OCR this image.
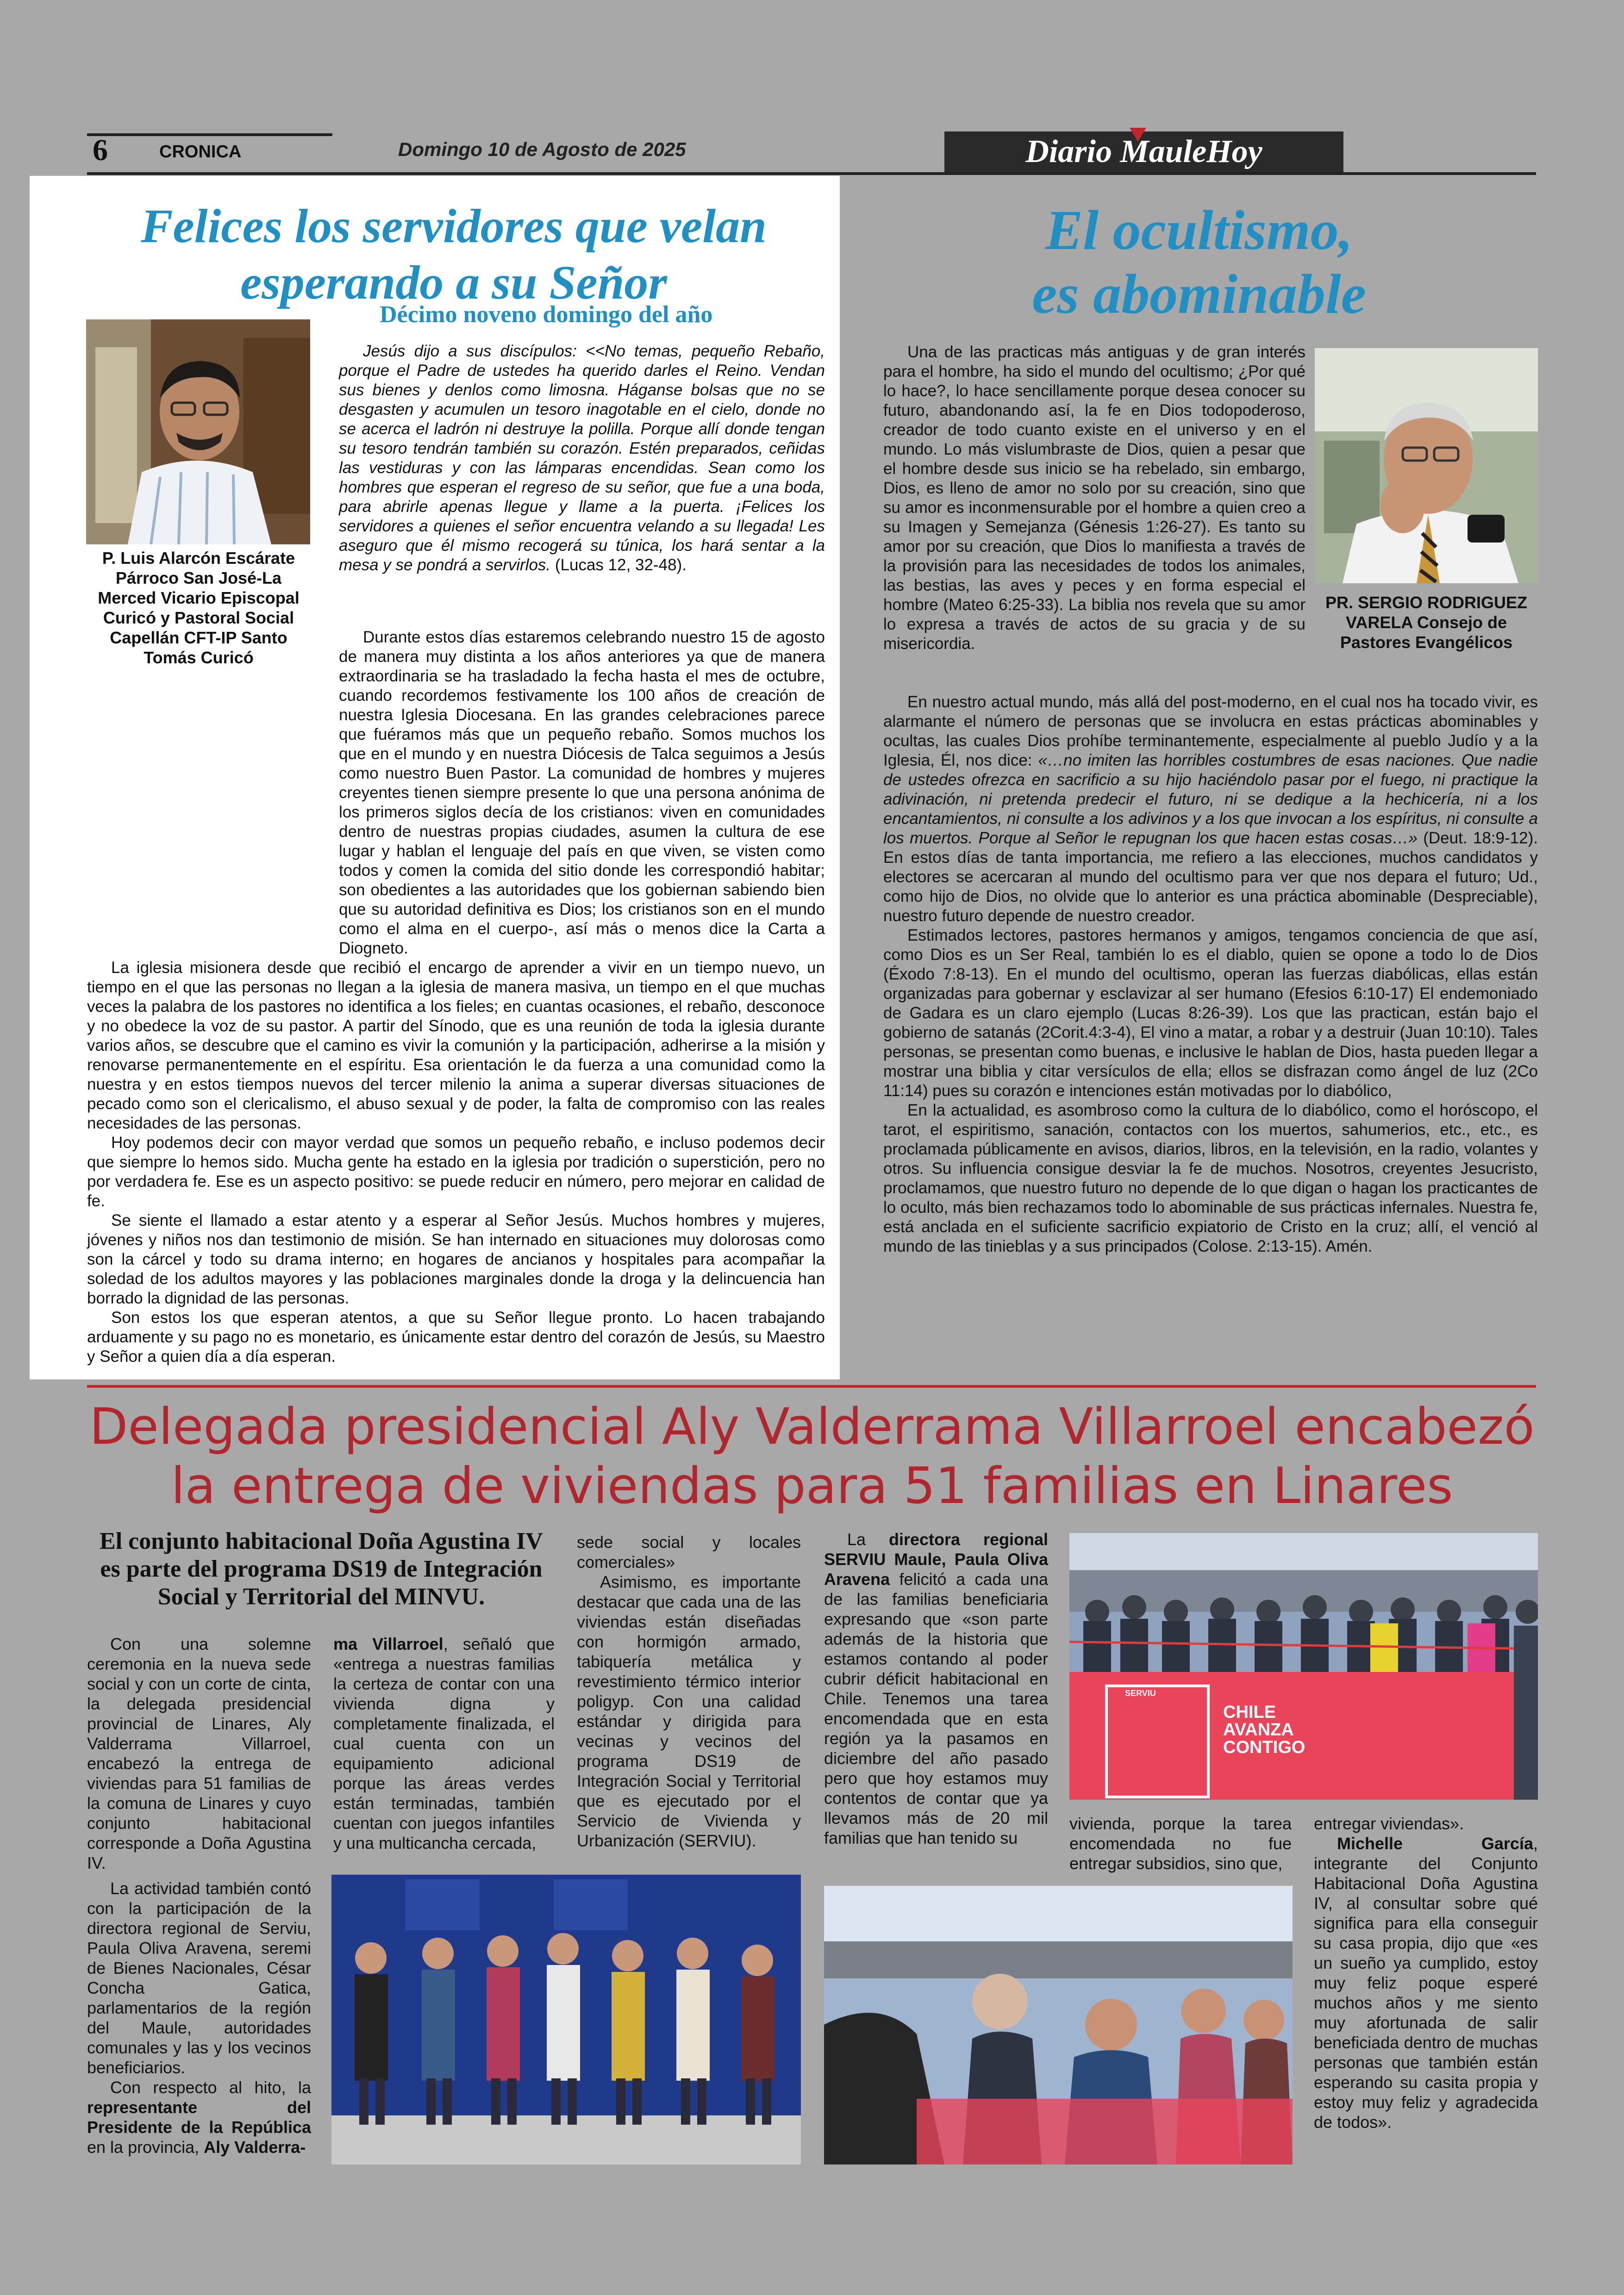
6	CRONICA	Domingo 10 de Agosto de 2025	Diario MauleHoy
Felices los servidores que velan esperando a su Señor
Décimo noveno domingo del año
P. Luis Alarcón Escárate Párroco San José-La Merced Vicario Episcopal Curicó y Pastoral Social Capellán CFT-IP Santo Tomás Curicó

Jesús dijo a sus discípulos: <<No temas, pequeño Rebaño, porque el Padre de ustedes ha querido darles el Reino. Vendan sus bienes y denlos como limosna. Háganse bolsas que no se desgasten y acumulen un tesoro inagotable en el cielo, donde no se acerca el ladrón ni destruye la polilla. Porque allí donde tengan su tesoro tendrán también su corazón. Estén preparados, ceñidas las vestiduras y con las lámparas encendidas. Sean como los hombres que esperan el regreso de su señor, que fue a una boda, para abrirle apenas llegue y llame a la puerta. ¡Felices los servidores a quienes el señor encuentra velando a su llegada! Les aseguro que él mismo recogerá su túnica, los hará sentar a la mesa y se pondrá a servirlos. (Lucas 12, 32-48).

Durante estos días estaremos celebrando nuestro 15 de agosto de manera muy distinta a los años anteriores ya que de manera extraordinaria se ha trasladado la fecha hasta el mes de octubre, cuando recordemos festivamente los 100 años de creación de nuestra Iglesia Diocesana. En las grandes celebraciones parece que fuéramos más que un pequeño rebaño. Somos muchos los que en el mundo y en nuestra Diócesis de Talca seguimos a Jesús como nuestro Buen Pastor. La comunidad de hombres y mujeres creyentes tienen siempre presente lo que una persona anónima de los primeros siglos decía de los cristianos: viven en comunidades dentro de nuestras propias ciudades, asumen la cultura de ese lugar y hablan el lenguaje del país en que viven, se visten como todos y comen la comida del sitio donde les correspondió habitar; son obedientes a las autoridades que los gobiernan sabiendo bien que su autoridad definitiva es Dios; los cristianos son en el mundo como el alma en el cuerpo-, así más o menos dice la Carta a Diogneto.

La iglesia misionera desde que recibió el encargo de aprender a vivir en un tiempo nuevo, un tiempo en el que las personas no llegan a la iglesia de manera masiva, un tiempo en el que muchas veces la palabra de los pastores no identifica a los fieles; en cuantas ocasiones, el rebaño, desconoce y no obedece la voz de su pastor. A partir del Sínodo, que es una reunión de toda la iglesia durante varios años, se descubre que el camino es vivir la comunión y la participación, adherirse a la misión y renovarse permanentemente en el espíritu. Esa orientación le da fuerza a una comunidad como la nuestra y en estos tiempos nuevos del tercer milenio la anima a superar diversas situaciones de pecado como son el clericalismo, el abuso sexual y de poder, la falta de compromiso con las reales necesidades de las personas.

Hoy podemos decir con mayor verdad que somos un pequeño rebaño, e incluso podemos decir que siempre lo hemos sido. Mucha gente ha estado en la iglesia por tradición o superstición, pero no por verdadera fe. Ese es un aspecto positivo: se puede reducir en número, pero mejorar en calidad de fe.

Se siente el llamado a estar atento y a esperar al Señor Jesús. Muchos hombres y mujeres, jóvenes y niños nos dan testimonio de misión. Se han internado en situaciones muy dolorosas como son la cárcel y todo su drama interno; en hogares de ancianos y hospitales para acompañar la soledad de los adultos mayores y las poblaciones marginales donde la droga y la delincuencia han borrado la dignidad de las personas.

Son estos los que esperan atentos, a que su Señor llegue pronto. Lo hacen trabajando arduamente y su pago no es monetario, es únicamente estar dentro del corazón de Jesús, su Maestro y Señor a quien día a día esperan.

El ocultismo,
es abominable
PR. SERGIO RODRIGUEZ VARELA Consejo de Pastores Evangélicos

Una de las practicas más antiguas y de gran interés para el hombre, ha sido el mundo del ocultismo; ¿Por qué lo hace?, lo hace sencillamente porque desea conocer su futuro, abandonando así, la fe en Dios todopoderoso, creador de todo cuanto existe en el universo y en el mundo. Lo más vislumbraste de Dios, quien a pesar que el hombre desde sus inicio se ha rebelado, sin embargo, Dios, es lleno de amor no solo por su creación, sino que su amor es inconmensurable por el hombre a quien creo a su Imagen y Semejanza (Génesis 1:26-27). Es tanto su amor por su creación, que Dios lo manifiesta a través de la provisión para las necesidades de todos los animales, las bestias, las aves y peces y en forma especial el hombre (Mateo 6:25-33). La biblia nos revela que su amor lo expresa a través de actos de su gracia y de su misericordia.

En nuestro actual mundo, más allá del post-moderno, en el cual nos ha tocado vivir, es alarmante el número de personas que se involucra en estas prácticas abominables y ocultas, las cuales Dios prohíbe terminantemente, especialmente al pueblo Judío y a la Iglesia, Él, nos dice: «…no imiten las horribles costumbres de esas naciones. Que nadie de ustedes ofrezca en sacrificio a su hijo haciéndolo pasar por el fuego, ni practique la adivinación, ni pretenda predecir el futuro, ni se dedique a la hechicería, ni a los encantamientos, ni consulte a los adivinos y a los que invocan a los espíritus, ni consulte a los muertos. Porque al Señor le repugnan los que hacen estas cosas…» (Deut. 18:9-12). En estos días de tanta importancia, me refiero a las elecciones, muchos candidatos y electores se acercaran al mundo del ocultismo para ver que nos depara el futuro; Ud., como hijo de Dios, no olvide que lo anterior es una práctica abominable (Despreciable), nuestro futuro depende de nuestro creador.

Estimados lectores, pastores hermanos y amigos, tengamos conciencia de que así, como Dios es un Ser Real, también lo es el diablo, quien se opone a todo lo de Dios (Éxodo 7:8-13). En el mundo del ocultismo, operan las fuerzas diabólicas, ellas están organizadas para gobernar y esclavizar al ser humano (Efesios 6:10-17) El endemoniado de Gadara es un claro ejemplo (Lucas 8:26-39). Los que las practican, están bajo el gobierno de satanás (2Corit.4:3-4), El vino a matar, a robar y a destruir (Juan 10:10). Tales personas, se presentan como buenas, e inclusive le hablan de Dios, hasta pueden llegar a mostrar una biblia y citar versículos de ella; ellos se disfrazan como ángel de luz (2Co 11:14) pues su corazón e intenciones están motivadas por lo diabólico,

En la actualidad, es asombroso como la cultura de lo diabólico, como el horóscopo, el tarot, el espiritismo, sanación, contactos con los muertos, sahumerios, etc., etc., es proclamada públicamente en avisos, diarios, libros, en la televisión, en la radio, volantes y otros. Su influencia consigue desviar la fe de muchos. Nosotros, creyentes Jesucristo, proclamamos, que nuestro futuro no depende de lo que digan o hagan los practicantes de lo oculto, más bien rechazamos todo lo abominable de sus prácticas infernales. Nuestra fe, está anclada en el suficiente sacrificio expiatorio de Cristo en la cruz; allí, el venció al mundo de las tinieblas y a sus principados (Colose. 2:13-15). Amén.

Delegada presidencial Aly Valderrama Villarroel encabezó
la entrega de viviendas para 51 familias en Linares
El conjunto habitacional Doña Agustina IV es parte del programa DS19 de Integración Social y Territorial del MINVU.

Con una solemne ceremonia en la nueva sede social y con un corte de cinta, la delegada presidencial provincial de Linares, Aly Valderrama Villarroel, encabezó la entrega de viviendas para 51 familias de la comuna de Linares y cuyo conjunto habitacional corresponde a Doña Agustina IV.

La actividad también contó con la participación de la directora regional de Serviu, Paula Oliva Aravena, seremi de Bienes Nacionales, César Concha Gatica, parlamentarios de la región del Maule, autoridades comunales y las y los vecinos beneficiarios.

Con respecto al hito, la representante del Presidente de la República en la provincia, Aly Valderra-

ma Villarroel, señaló que «entrega a nuestras familias la certeza de contar con una vivienda digna y completamente finalizada, el cual cuenta con un equipamiento adicional porque las áreas verdes están terminadas, también cuentan con juegos infantiles y una multicancha cercada,

sede social y locales comerciales»

Asimismo, es importante destacar que cada una de las viviendas están diseñadas con hormigón armado, tabiquería metálica y revestimiento térmico interior poligyp. Con una calidad estándar y dirigida para vecinas y vecinos del programa DS19 de Integración Social y Territorial que es ejecutado por el Servicio de Vivienda y Urbanización (SERVIU).

La directora regional SERVIU Maule, Paula Oliva Aravena felicitó a cada una de las familias beneficiaria expresando que «son parte además de la historia que estamos contando al poder cubrir déficit habitacional en Chile. Tenemos una tarea encomendada que en esta región ya la pasamos en diciembre del año pasado pero que hoy estamos muy contentos de contar que ya llevamos más de 20 mil familias que han tenido su

vivienda, porque la tarea encomendada no fue entregar subsidios, sino que,

entregar viviendas».

Michelle García, integrante del Conjunto Habitacional Doña Agustina IV, al consultar sobre qué significa para ella conseguir su casa propia, dijo que «es un sueño ya cumplido, estoy muy feliz poque esperé muchos años y me siento muy afortunada de salir beneficiada dentro de muchas personas que también están esperando su casita propia y estoy muy feliz y agradecida de todos».

SERVIU
CHILE
AVANZA
CONTIGO
